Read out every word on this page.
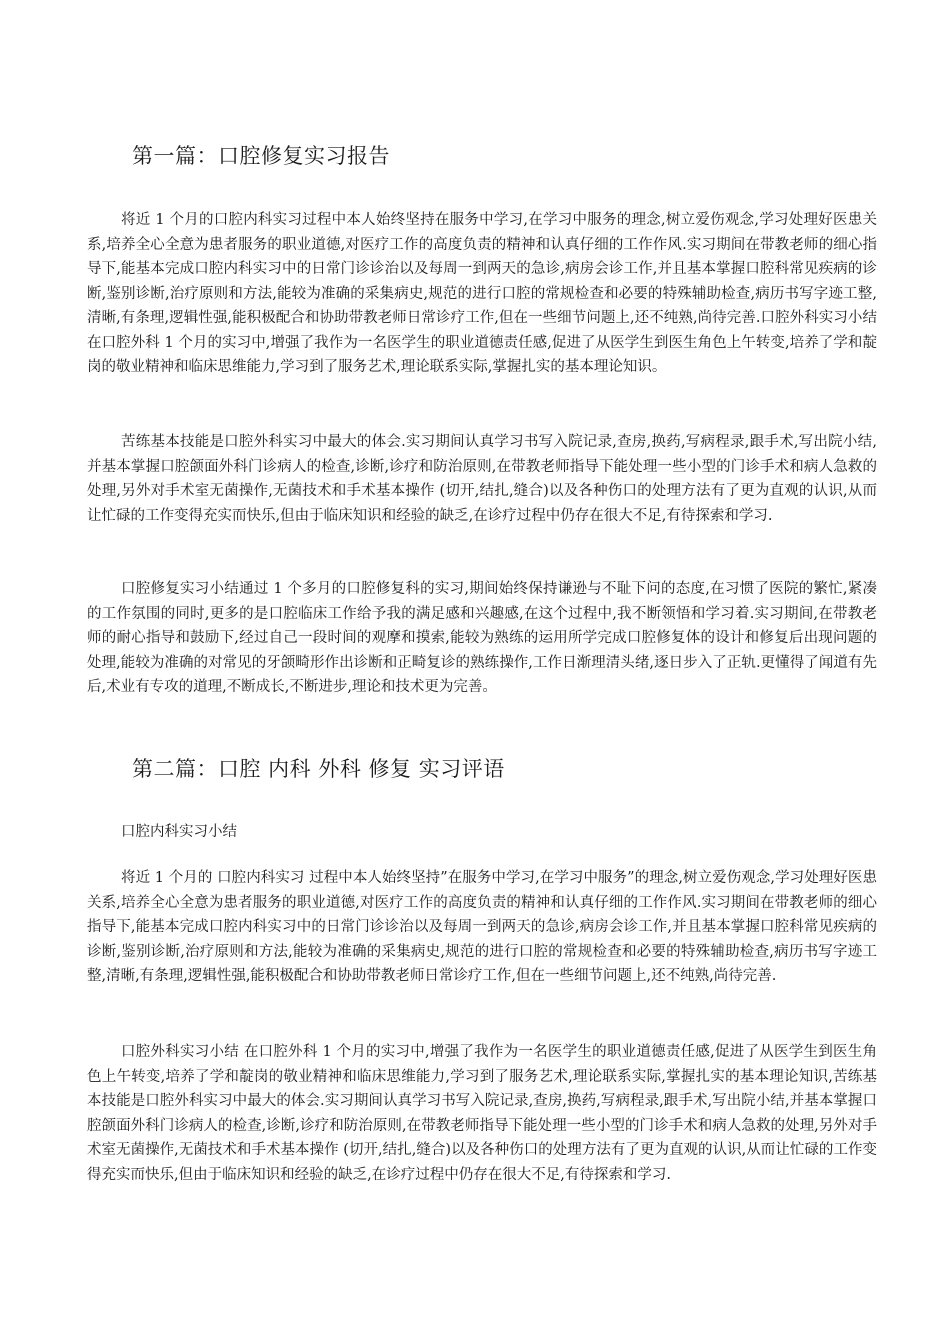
第一篇：口腔修复实习报告

将近 1 个月的口腔内科实习过程中本人始终坚持在服务中学习,在学习中服务的理念,树立爱伤观念,学习处理好医患关系,培养全心全意为患者服务的职业道德,对医疗工作的高度负责的精神和认真仔细的工作作风.实习期间在带教老师的细心指导下,能基本完成口腔内科实习中的日常门诊诊治以及每周一到两天的急诊,病房会诊工作,并且基本掌握口腔科常见疾病的诊断,鉴别诊断,治疗原则和方法,能较为准确的采集病史,规范的进行口腔的常规检查和必要的特殊辅助检查,病历书写字迹工整,清晰,有条理,逻辑性强,能积极配合和协助带教老师日常诊疗工作,但在一些细节问题上,还不纯熟,尚待完善.口腔外科实习小结在口腔外科 1 个月的实习中,增强了我作为一名医学生的职业道德责任感,促进了从医学生到医生角色上午转变,培养了学和靛岗的敬业精神和临床思维能力,学习到了服务艺术,理论联系实际,掌握扎实的基本理论知识。

苦练基本技能是口腔外科实习中最大的体会.实习期间认真学习书写入院记录,查房,换药,写病程录,跟手术,写出院小结,并基本掌握口腔颌面外科门诊病人的检查,诊断,诊疗和防治原则,在带教老师指导下能处理一些小型的门诊手术和病人急救的处理,另外对手术室无菌操作,无菌技术和手术基本操作 (切开,结扎,缝合)以及各种伤口的处理方法有了更为直观的认识,从而让忙碌的工作变得充实而快乐,但由于临床知识和经验的缺乏,在诊疗过程中仍存在很大不足,有待探索和学习.

口腔修复实习小结通过 1 个多月的口腔修复科的实习,期间始终保持谦逊与不耻下问的态度,在习惯了医院的繁忙,紧凑的工作氛围的同时,更多的是口腔临床工作给予我的满足感和兴趣感,在这个过程中,我不断领悟和学习着.实习期间,在带教老师的耐心指导和鼓励下,经过自己一段时间的观摩和摸索,能较为熟练的运用所学完成口腔修复体的设计和修复后出现问题的处理,能较为准确的对常见的牙颌畸形作出诊断和正畸复诊的熟练操作,工作日渐理清头绪,逐日步入了正轨.更懂得了闻道有先后,术业有专攻的道理,不断成长,不断进步,理论和技术更为完善。

第二篇：口腔 内科 外科 修复 实习评语
口腔内科实习小结

将近 1 个月的 口腔内科实习 过程中本人始终坚持”在服务中学习,在学习中服务”的理念,树立爱伤观念,学习处理好医患关系,培养全心全意为患者服务的职业道德,对医疗工作的高度负责的精神和认真仔细的工作作风.实习期间在带教老师的细心指导下,能基本完成口腔内科实习中的日常门诊诊治以及每周一到两天的急诊,病房会诊工作,并且基本掌握口腔科常见疾病的诊断,鉴别诊断,治疗原则和方法,能较为准确的采集病史,规范的进行口腔的常规检查和必要的特殊辅助检查,病历书写字迹工整,清晰,有条理,逻辑性强,能积极配合和协助带教老师日常诊疗工作,但在一些细节问题上,还不纯熟,尚待完善.

口腔外科实习小结 在口腔外科 1 个月的实习中,增强了我作为一名医学生的职业道德责任感,促进了从医学生到医生角色上午转变,培养了学和靛岗的敬业精神和临床思维能力,学习到了服务艺术,理论联系实际,掌握扎实的基本理论知识,苦练基本技能是口腔外科实习中最大的体会.实习期间认真学习书写入院记录,查房,换药,写病程录,跟手术,写出院小结,并基本掌握口腔颌面外科门诊病人的检查,诊断,诊疗和防治原则,在带教老师指导下能处理一些小型的门诊手术和病人急救的处理,另外对手术室无菌操作,无菌技术和手术基本操作 (切开,结扎,缝合)以及各种伤口的处理方法有了更为直观的认识,从而让忙碌的工作变得充实而快乐,但由于临床知识和经验的缺乏,在诊疗过程中仍存在很大不足,有待探索和学习.
